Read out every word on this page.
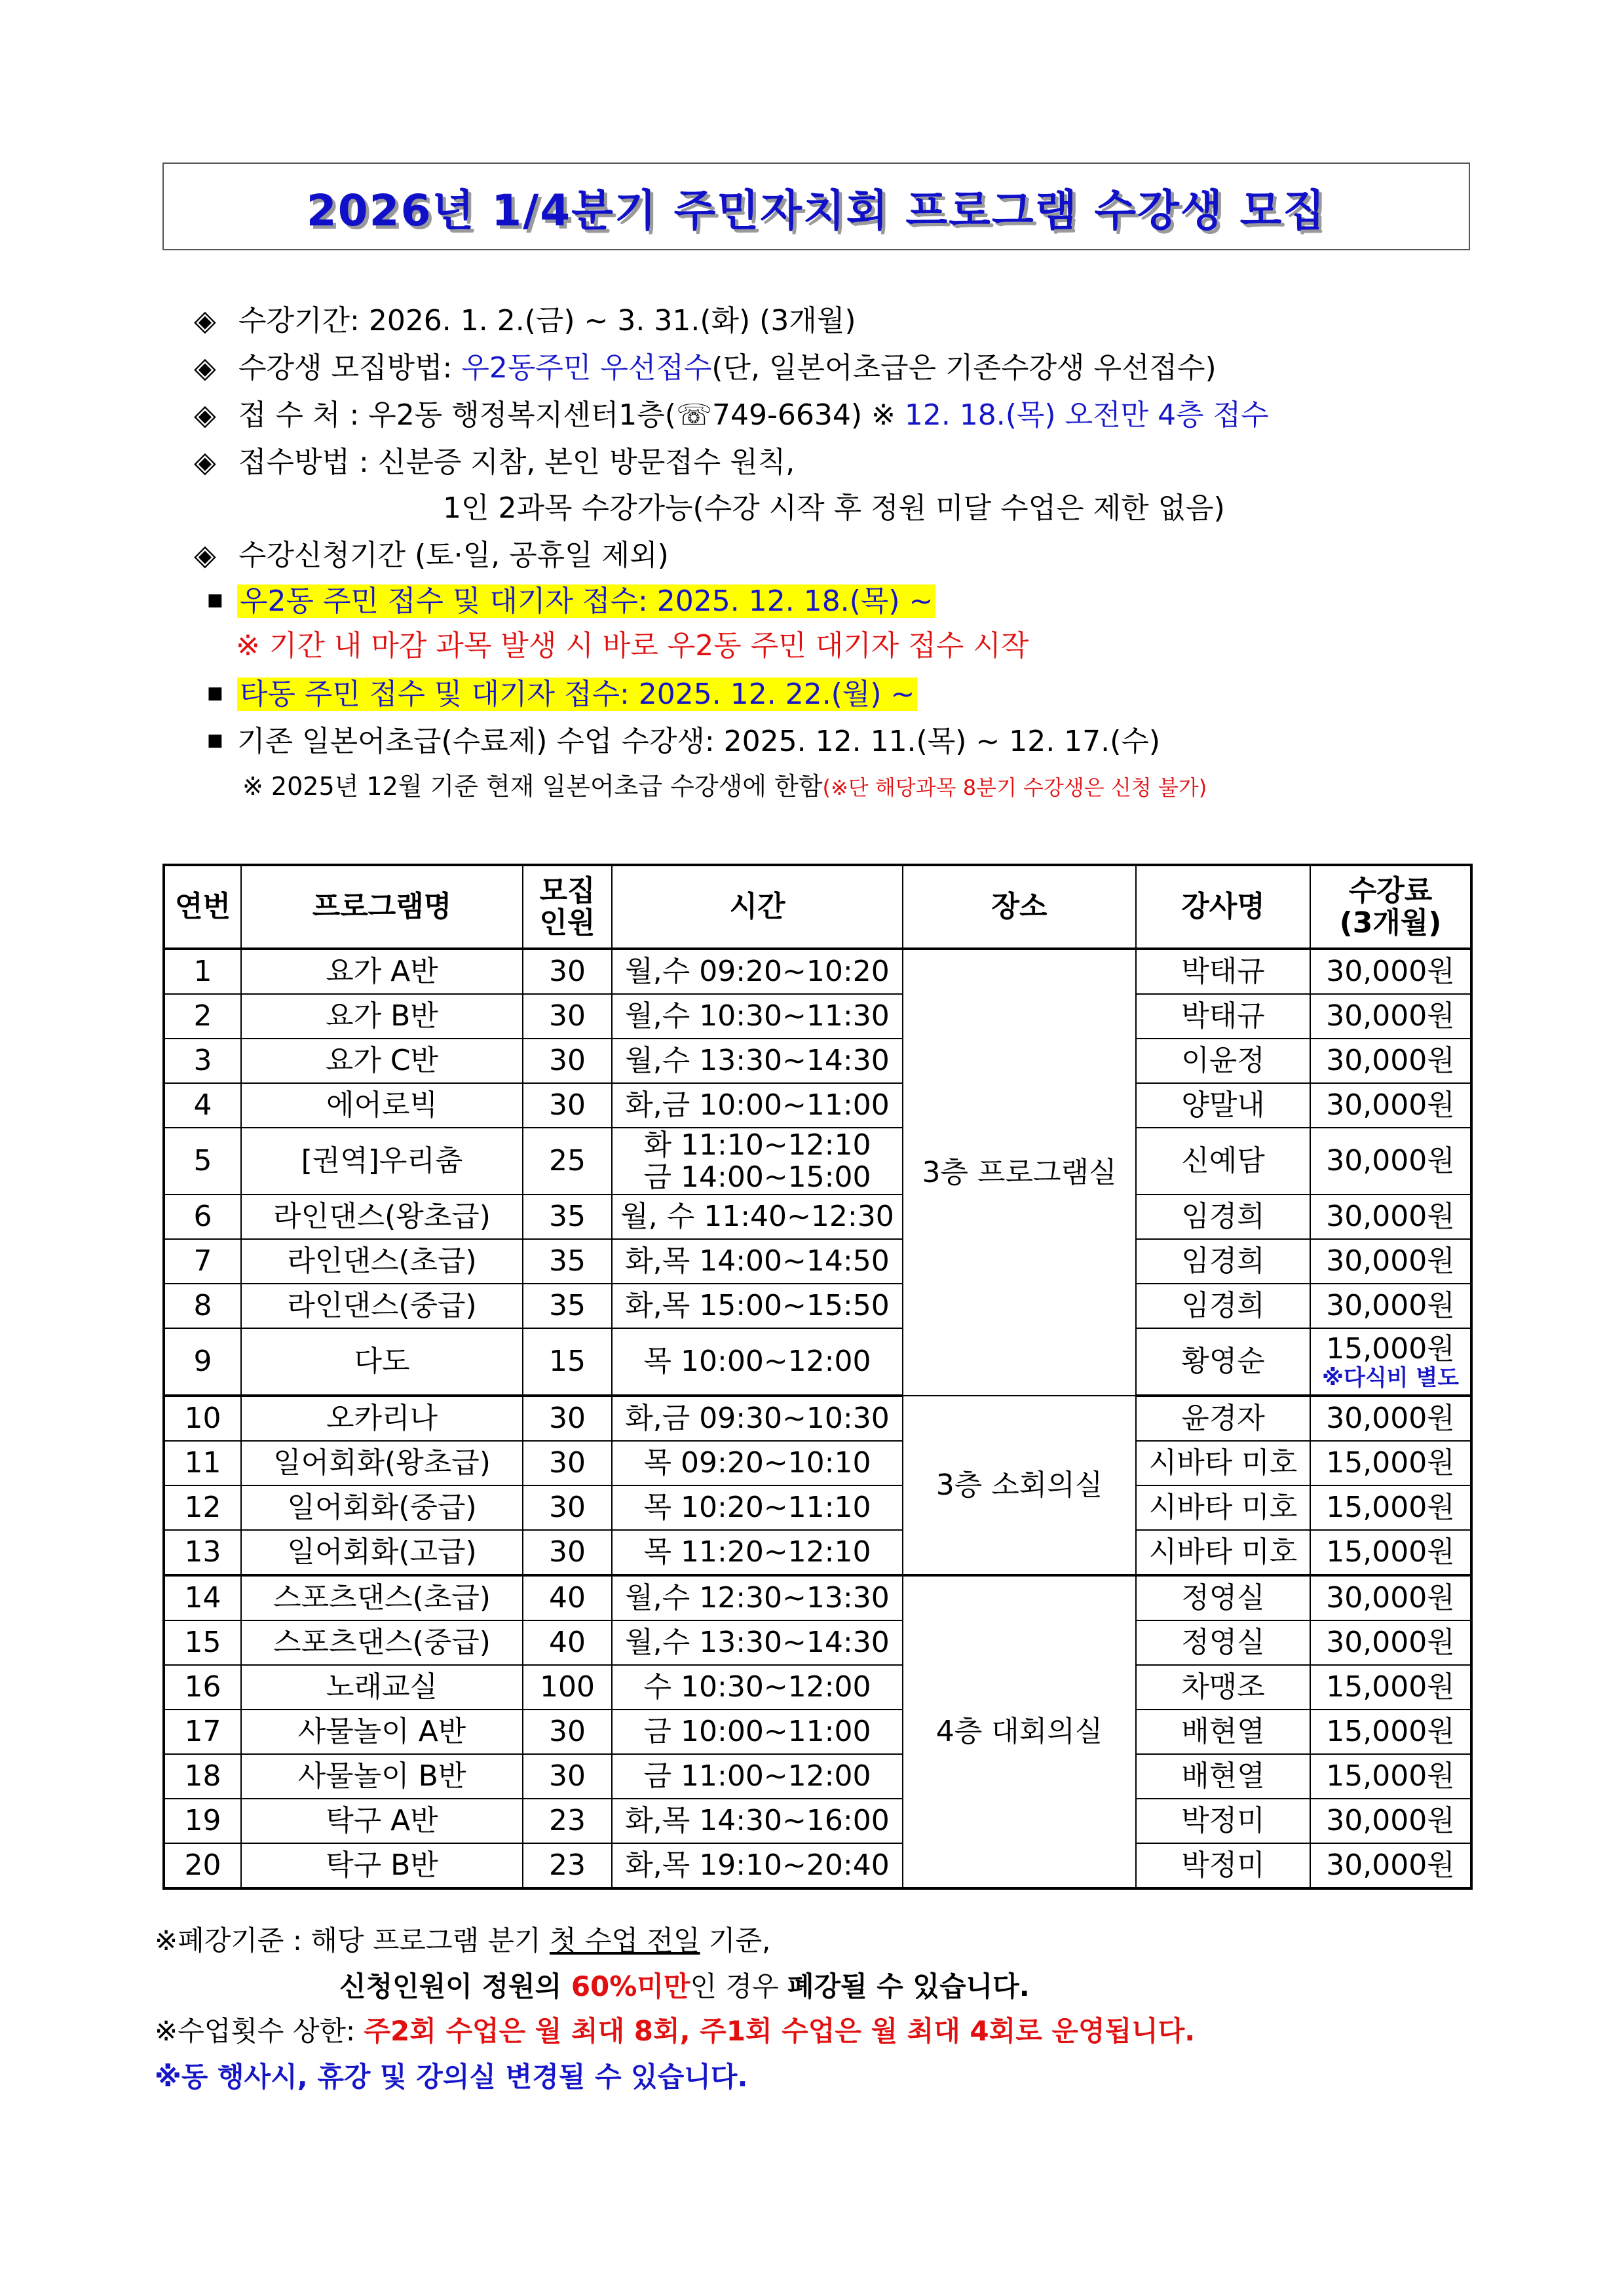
2026년 1/4분기 주민자치회 프로그램 수강생 모집
◈ 수강기간: 2026. 1. 2.(금) ~ 3. 31.(화) (3개월)
◈ 수강생 모집방법: 우2동주민 우선접수(단, 일본어초급은 기존수강생 우선접수)
◈ 접 수 처 : 우2동 행정복지센터1층(☏749-6634) ※ 12. 18.(목) 오전만 4층 접수
◈ 접수방법 : 신분증 지참, 본인 방문접수 원칙,
1인 2과목 수강가능(수강 시작 후 정원 미달 수업은 제한 없음)
◈ 수강신청기간 (토·일, 공휴일 제외)
■ 우2동 주민 접수 및 대기자 접수: 2025. 12. 18.(목) ~
※ 기간 내 마감 과목 발생 시 바로 우2동 주민 대기자 접수 시작
■ 타동 주민 접수 및 대기자 접수: 2025. 12. 22.(월) ~
■ 기존 일본어초급(수료제) 수업 수강생: 2025. 12. 11.(목) ~ 12. 17.(수)
※ 2025년 12월 기준 현재 일본어초급 수강생에 한함(※단 해당과목 8분기 수강생은 신청 불가)
연번	프로그램명	모집
인원	시간	장소	강사명	수강료
(3개월)
1	요가 A반	30	월,수 09:20~10:20	3층 프로그램실	박태규	30,000원
2	요가 B반	30	월,수 10:30~11:30		박태규	30,000원
3	요가 C반	30	월,수 13:30~14:30		이윤정	30,000원
4	에어로빅	30	화,금 10:00~11:00		양말내	30,000원
5	[권역]우리춤	25	화 11:10~12:10
금 14:00~15:00		신예담	30,000원
6	라인댄스(왕초급)	35	월, 수 11:40~12:30		임경희	30,000원
7	라인댄스(초급)	35	화,목 14:00~14:50		임경희	30,000원
8	라인댄스(중급)	35	화,목 15:00~15:50		임경희	30,000원
9	다도	15	목 10:00~12:00		황영순	15,000원
※다식비 별도

10	오카리나	30	화,금 09:30~10:30	3층 소회의실	윤경자	30,000원
11	일어회화(왕초급)	30	목 09:20~10:10		시바타 미호	15,000원
12	일어회화(중급)	30	목 10:20~11:10		시바타 미호	15,000원
13	일어회화(고급)	30	목 11:20~12:10		시바타 미호	15,000원
14	스포츠댄스(초급)	40	월,수 12:30~13:30	4층 대회의실	정영실	30,000원
15	스포츠댄스(중급)	40	월,수 13:30~14:30		정영실	30,000원
16	노래교실	100	수 10:30~12:00		차맹조	15,000원
17	사물놀이 A반	30	금 10:00~11:00		배현열	15,000원
18	사물놀이 B반	30	금 11:00~12:00		배현열	15,000원
19	탁구 A반	23	화,목 14:30~16:00		박정미	30,000원
20	탁구 B반	23	화,목 19:10~20:40		박정미	30,000원
※폐강기준 : 해당 프로그램 분기 첫 수업 전일 기준,
신청인원이 정원의 60%미만인 경우 폐강될 수 있습니다.
※수업횟수 상한: 주2회 수업은 월 최대 8회, 주1회 수업은 월 최대 4회로 운영됩니다.
※동 행사시, 휴강 및 강의실 변경될 수 있습니다.
